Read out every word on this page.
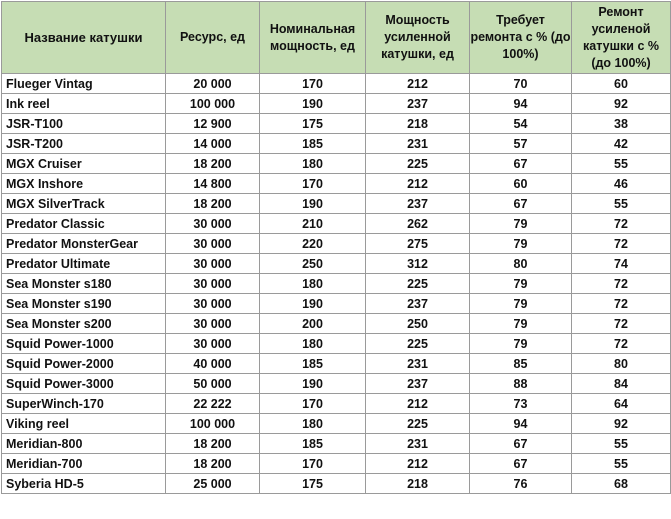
Название катушки	Ресурс, ед	Номинальная мощность, ед	Мощность усиленной катушки, ед	Требует ремонта с % (до 100%)	Ремонт усиленой катушки с % (до 100%)
Flueger Vintag	20 000	170	212	70	60
Ink reel	100 000	190	237	94	92
JSR-T100	12 900	175	218	54	38
JSR-T200	14 000	185	231	57	42
MGX Cruiser	18 200	180	225	67	55
MGX Inshore	14 800	170	212	60	46
MGX SilverTrack	18 200	190	237	67	55
Predator Classic	30 000	210	262	79	72
Predator MonsterGear	30 000	220	275	79	72
Predator Ultimate	30 000	250	312	80	74
Sea Monster s180	30 000	180	225	79	72
Sea Monster s190	30 000	190	237	79	72
Sea Monster s200	30 000	200	250	79	72
Squid Power-1000	30 000	180	225	79	72
Squid Power-2000	40 000	185	231	85	80
Squid Power-3000	50 000	190	237	88	84
SuperWinch-170	22 222	170	212	73	64
Viking reel	100 000	180	225	94	92
Meridian-800	18 200	185	231	67	55
Meridian-700	18 200	170	212	67	55
Syberia HD-5	25 000	175	218	76	68
